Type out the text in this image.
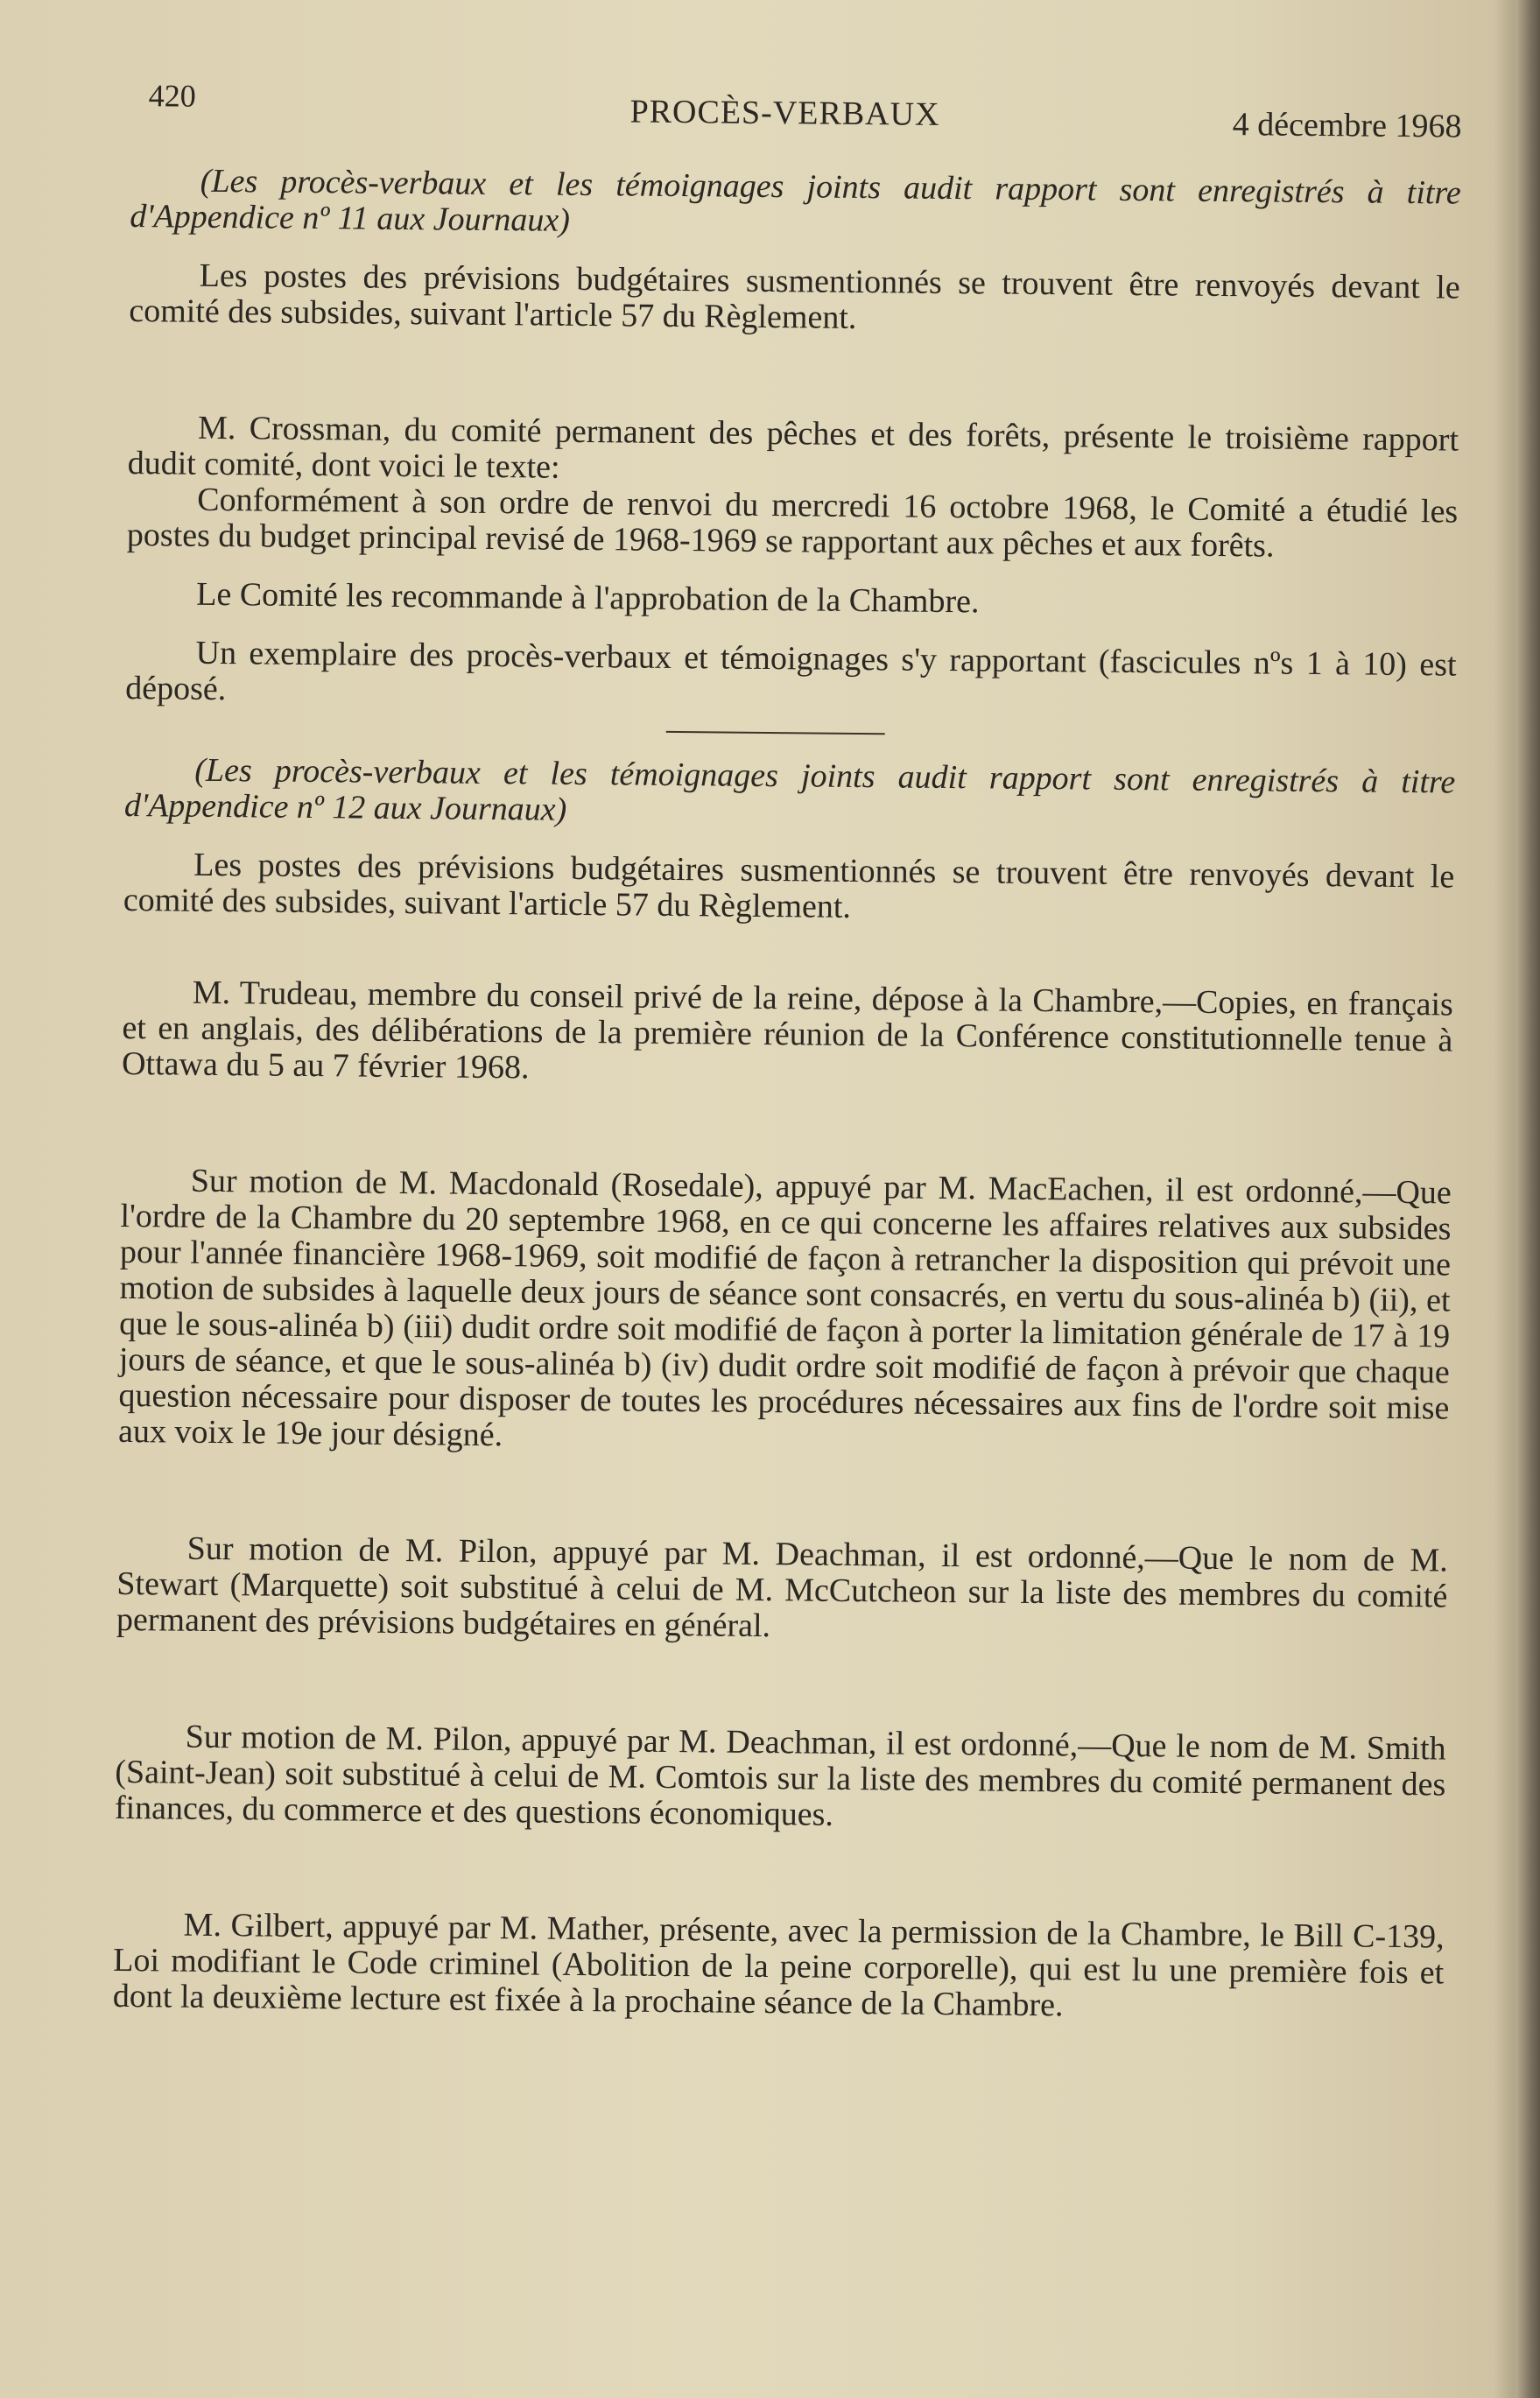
420	PROCÈS-VERBAUX	4 décembre 1968

(Les procès-verbaux et les témoignages joints audit rapport sont enregistrés à titre d'Appendice nº 11 aux Journaux)

Les postes des prévisions budgétaires susmentionnés se trouvent être renvoyés devant le comité des subsides, suivant l'article 57 du Règlement.

M. Crossman, du comité permanent des pêches et des forêts, présente le troisième rapport dudit comité, dont voici le texte:

Conformément à son ordre de renvoi du mercredi 16 octobre 1968, le Comité a étudié les postes du budget principal revisé de 1968-1969 se rapportant aux pêches et aux forêts.

Le Comité les recommande à l'approbation de la Chambre.

Un exemplaire des procès-verbaux et témoignages s'y rapportant (fascicules nºs 1 à 10) est déposé.

(Les procès-verbaux et les témoignages joints audit rapport sont enregistrés à titre d'Appendice nº 12 aux Journaux)

Les postes des prévisions budgétaires susmentionnés se trouvent être renvoyés devant le comité des subsides, suivant l'article 57 du Règlement.

M. Trudeau, membre du conseil privé de la reine, dépose à la Chambre,—Copies, en français et en anglais, des délibérations de la première réunion de la Conférence constitutionnelle tenue à Ottawa du 5 au 7 février 1968.

Sur motion de M. Macdonald (Rosedale), appuyé par M. MacEachen, il est ordonné,—Que l'ordre de la Chambre du 20 septembre 1968, en ce qui concerne les affaires relatives aux subsides pour l'année financière 1968-1969, soit modifié de façon à retrancher la disposition qui prévoit une motion de subsides à laquelle deux jours de séance sont consacrés, en vertu du sous-alinéa b) (ii), et que le sous-alinéa b) (iii) dudit ordre soit modifié de façon à porter la limitation générale de 17 à 19 jours de séance, et que le sous-alinéa b) (iv) dudit ordre soit modifié de façon à prévoir que chaque question nécessaire pour disposer de toutes les procédures nécessaires aux fins de l'ordre soit mise aux voix le 19e jour désigné.

Sur motion de M. Pilon, appuyé par M. Deachman, il est ordonné,—Que le nom de M. Stewart (Marquette) soit substitué à celui de M. McCutcheon sur la liste des membres du comité permanent des prévisions budgétaires en général.

Sur motion de M. Pilon, appuyé par M. Deachman, il est ordonné,—Que le nom de M. Smith (Saint-Jean) soit substitué à celui de M. Comtois sur la liste des membres du comité permanent des finances, du commerce et des questions économiques.

M. Gilbert, appuyé par M. Mather, présente, avec la permission de la Chambre, le Bill C-139, Loi modifiant le Code criminel (Abolition de la peine corporelle), qui est lu une première fois et dont la deuxième lecture est fixée à la prochaine séance de la Chambre.
